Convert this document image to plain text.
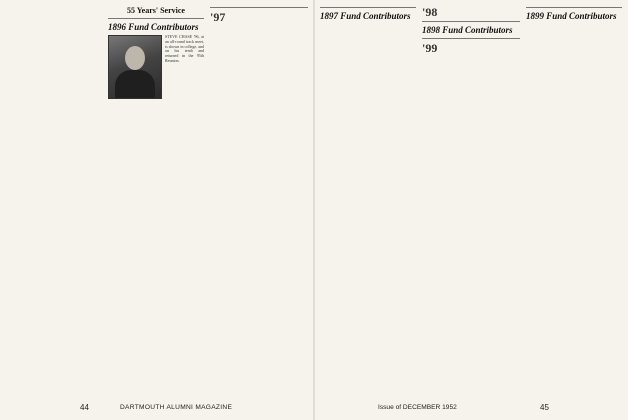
55 Years' Service

1896 Fund Contributors

STEVE CHASE '96, at an all-round track meet, is shown in college, and on his tenth and returned in the 95th Reunion.

'97	1897 Fund Contributors '98

1898 Fund Contributors

'99

1899 Fund Contributors

44	DARTMOUTH ALUMNI MAGAZINE	Issue of DECEMBER 1952	45
